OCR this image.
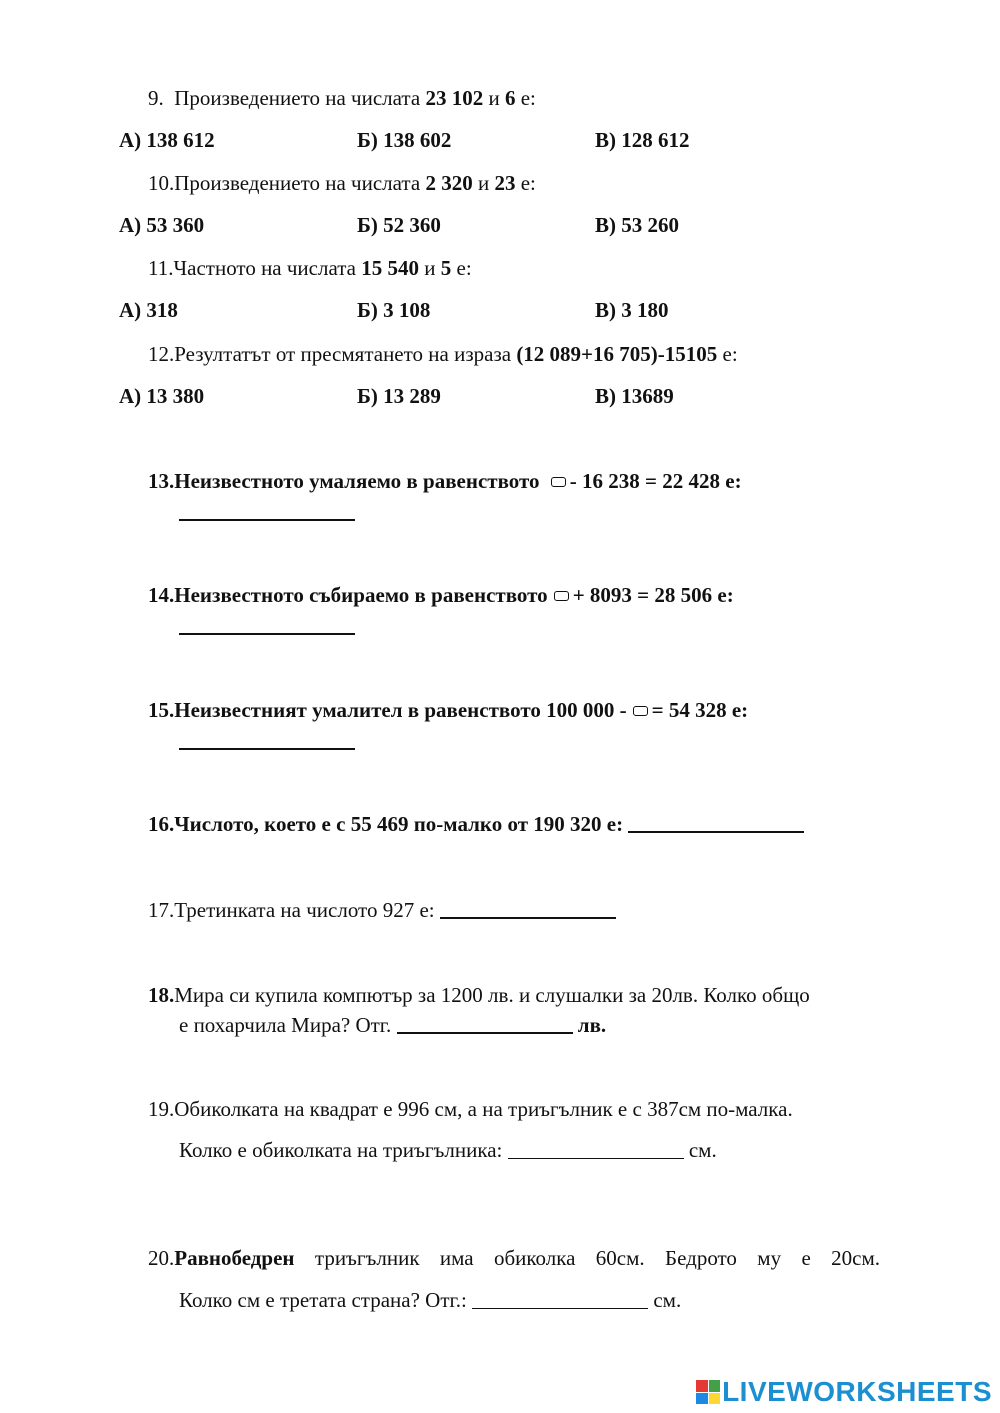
9. Произведението на числата 23 102 и 6 е:
А) 138 612	Б) 138 602	В) 128 612
10.Произведението на числата 2 320 и 23 е:
А) 53 360	Б) 52 360	В) 53 260
11.Частното на числата 15 540 и 5 е:
А) 318	Б) 3 108	В) 3 180
12.Резултатът от пресмятането на израза (12 089+16 705)-15105 е:
А) 13 380	Б) 13 289	В) 13689
13.Неизвестното умаляемо в равенството - 16 238 = 22 428 е:
14.Неизвестното събираемо в равенството + 8093 = 28 506 е:
15.Неизвестният умалител в равенството 100 000 - = 54 328 е:
16.Числото, което е с 55 469 по-малко от 190 320 е:
17.Третинката на числото 927 е:
18.Мира си купила компютър за 1200 лв. и слушалки за 20лв. Колко общо
е похарчила Мира? Отг.	лв.
19.Обиколката на квадрат е 996 см, а на триъгълник е с 387см по-малка.
Колко е обиколката на триъгълника:	см.
20.Равнобедрен триъгълник има обиколка 60см. Бедрото му е 20см.
Колко см е третата страна? Отг.:	см.
LIVEWORKSHEETS
